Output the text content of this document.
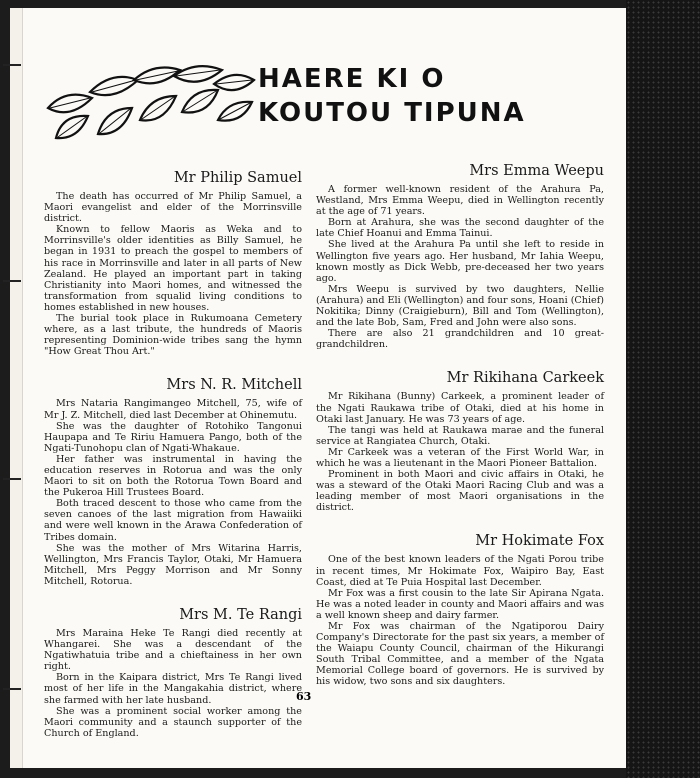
HAERE KI O
KOUTOU TIPUNA
Mr Philip Samuel

The death has occurred of Mr Philip Samuel, a Maori evangelist and elder of the Morrinsville district.

Known to fellow Maoris as Weka and to Morrinsville's older identities as Billy Samuel, he began in 1931 to preach the gospel to members of his race in Morrinsville and later in all parts of New Zealand. He played an important part in taking Christianity into Maori homes, and witnessed the transformation from squalid living conditions to homes established in new houses.

The burial took place in Rukumoana Cemetery where, as a last tribute, the hundreds of Maoris representing Dominion-wide tribes sang the hymn "How Great Thou Art."

Mrs N. R. Mitchell

Mrs Nataria Rangimangeo Mitchell, 75, wife of Mr J. Z. Mitchell, died last December at Ohinemutu.

She was the daughter of Rotohiko Tangonui Haupapa and Te Ririu Hamuera Pango, both of the Ngati-Tunohopu clan of Ngati-Whakaue.

Her father was instrumental in having the education reserves in Rotorua and was the only Maori to sit on both the Rotorua Town Board and the Pukeroa Hill Trustees Board.

Both traced descent to those who came from the seven canoes of the last migration from Hawaiiki and were well known in the Arawa Confederation of Tribes domain.

She was the mother of Mrs Witarina Harris, Wellington, Mrs Francis Taylor, Otaki, Mr Hamuera Mitchell, Mrs Peggy Morrison and Mr Sonny Mitchell, Rotorua.

Mrs M. Te Rangi

Mrs Maraina Heke Te Rangi died recently at Whangarei. She was a descendant of the Ngatiwhatuia tribe and a chieftainess in her own right.

Born in the Kaipara district, Mrs Te Rangi lived most of her life in the Mangakahia district, where she farmed with her late husband.

She was a prominent social worker among the Maori community and a staunch supporter of the Church of England.

Mrs Emma Weepu

A former well-known resident of the Arahura Pa, Westland, Mrs Emma Weepu, died in Wellington recently at the age of 71 years.

Born at Arahura, she was the second daughter of the late Chief Hoanui and Emma Tainui.

She lived at the Arahura Pa until she left to reside in Wellington five years ago. Her husband, Mr Iahia Weepu, known mostly as Dick Webb, pre-deceased her two years ago.

Mrs Weepu is survived by two daughters, Nellie (Arahura) and Eli (Wellington) and four sons, Hoani (Chief) Nokitika; Dinny (Craigieburn), Bill and Tom (Wellington), and the late Bob, Sam, Fred and John were also sons.

There are also 21 grandchildren and 10 great-grandchildren.

Mr Rikihana Carkeek

Mr Rikihana (Bunny) Carkeek, a prominent leader of the Ngati Raukawa tribe of Otaki, died at his home in Otaki last January. He was 73 years of age.

The tangi was held at Raukawa marae and the funeral service at Rangiatea Church, Otaki.

Mr Carkeek was a veteran of the First World War, in which he was a lieutenant in the Maori Pioneer Battalion.

Prominent in both Maori and civic affairs in Otaki, he was a steward of the Otaki Maori Racing Club and was a leading member of most Maori organisations in the district.

Mr Hokimate Fox

One of the best known leaders of the Ngati Porou tribe in recent times, Mr Hokimate Fox, Waipiro Bay, East Coast, died at Te Puia Hospital last December.

Mr Fox was a first cousin to the late Sir Apirana Ngata. He was a noted leader in county and Maori affairs and was a well known sheep and dairy farmer.

Mr Fox was chairman of the Ngatiporou Dairy Company's Directorate for the past six years, a member of the Waiapu County Council, chairman of the Hikurangi South Tribal Committee, and a member of the Ngata Memorial College board of governors. He is survived by his widow, two sons and six daughters.

63
